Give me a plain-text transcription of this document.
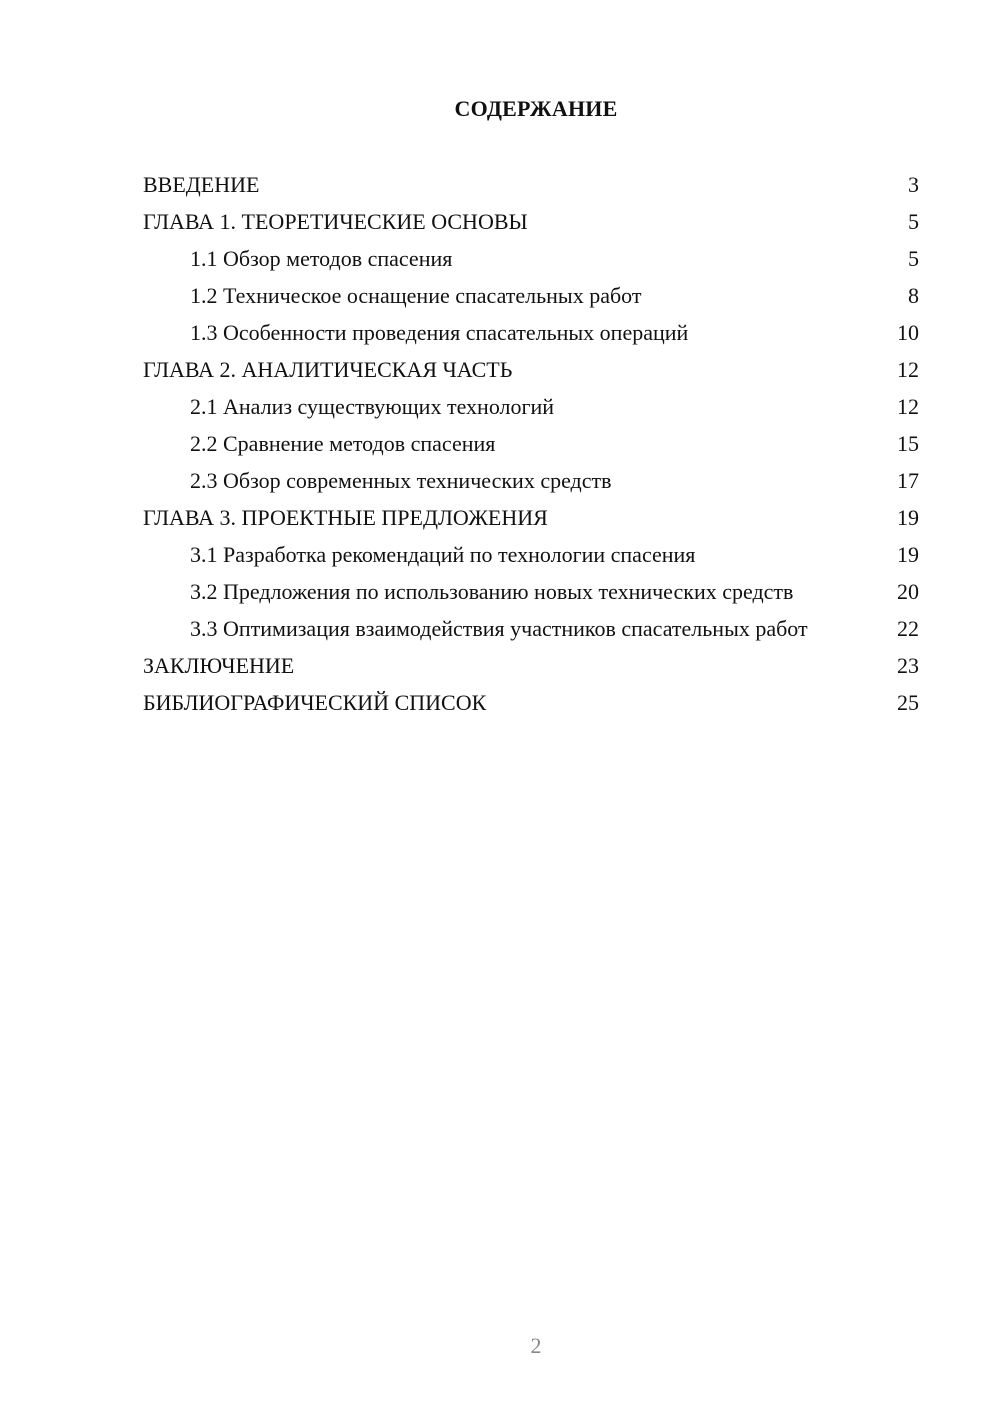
СОДЕРЖАНИЕ
ВВЕДЕНИЕ	3
ГЛАВА 1. ТЕОРЕТИЧЕСКИЕ ОСНОВЫ	5
1.1 Обзор методов спасения	5
1.2 Техническое оснащение спасательных работ	8
1.3 Особенности проведения спасательных операций	10
ГЛАВА 2. АНАЛИТИЧЕСКАЯ ЧАСТЬ	12
2.1 Анализ существующих технологий	12
2.2 Сравнение методов спасения	15
2.3 Обзор современных технических средств	17
ГЛАВА 3. ПРОЕКТНЫЕ ПРЕДЛОЖЕНИЯ	19
3.1 Разработка рекомендаций по технологии спасения	19
3.2 Предложения по использованию новых технических средств	20
3.3 Оптимизация взаимодействия участников спасательных работ	22
ЗАКЛЮЧЕНИЕ	23
БИБЛИОГРАФИЧЕСКИЙ СПИСОК	25
2
